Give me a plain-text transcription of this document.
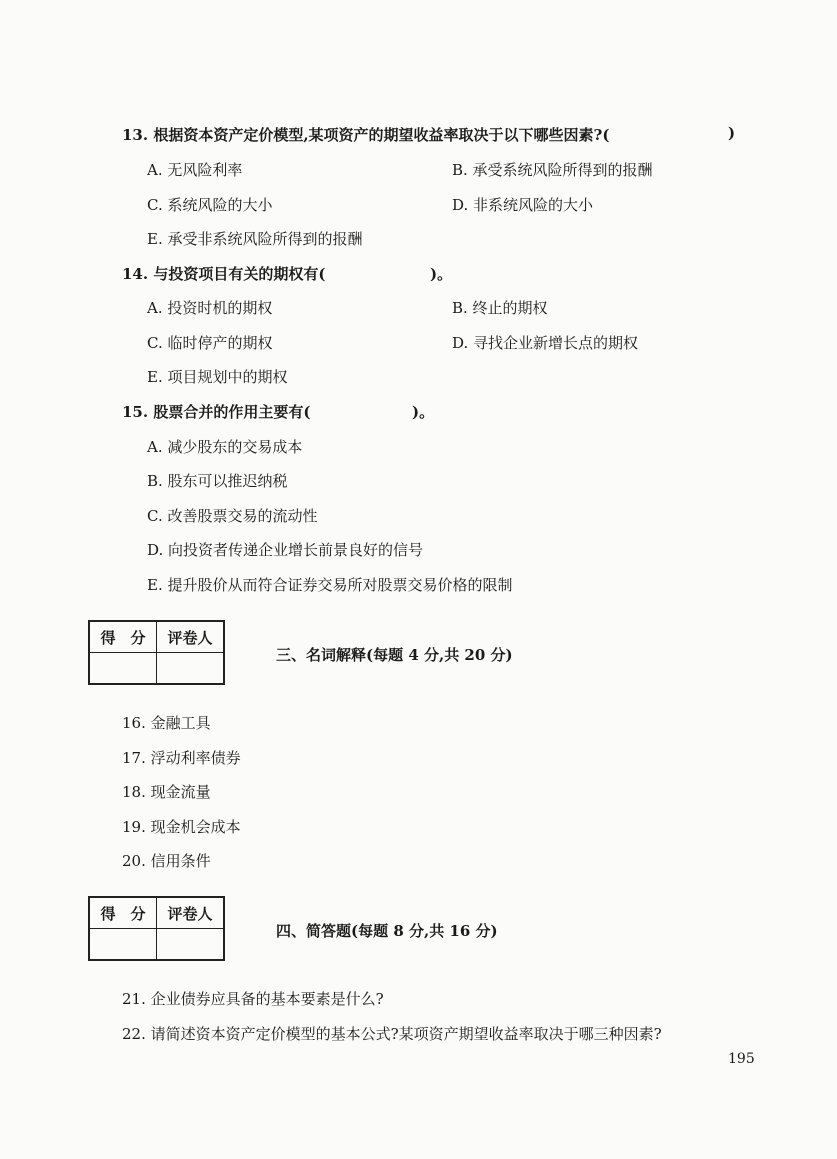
13. 根据资本资产定价模型,某项资产的期望收益率取决于以下哪些因素?(	)
A. 无风险利率	B. 承受系统风险所得到的报酬
C. 系统风险的大小	D. 非系统风险的大小
E. 承受非系统风险所得到的报酬
14. 与投资项目有关的期权有(	)。
A. 投资时机的期权	B. 终止的期权
C. 临时停产的期权	D. 寻找企业新增长点的期权
E. 项目规划中的期权
15. 股票合并的作用主要有(	)。
A. 减少股东的交易成本
B. 股东可以推迟纳税
C. 改善股票交易的流动性
D. 向投资者传递企业增长前景良好的信号
E. 提升股价从而符合证券交易所对股票交易价格的限制
得　分	评卷人

三、名词解释(每题 4 分,共 20 分)
16. 金融工具
17. 浮动利率债券
18. 现金流量
19. 现金机会成本
20. 信用条件
得　分	评卷人

四、简答题(每题 8 分,共 16 分)
21. 企业债券应具备的基本要素是什么?
22. 请简述资本资产定价模型的基本公式?某项资产期望收益率取决于哪三种因素?
195
